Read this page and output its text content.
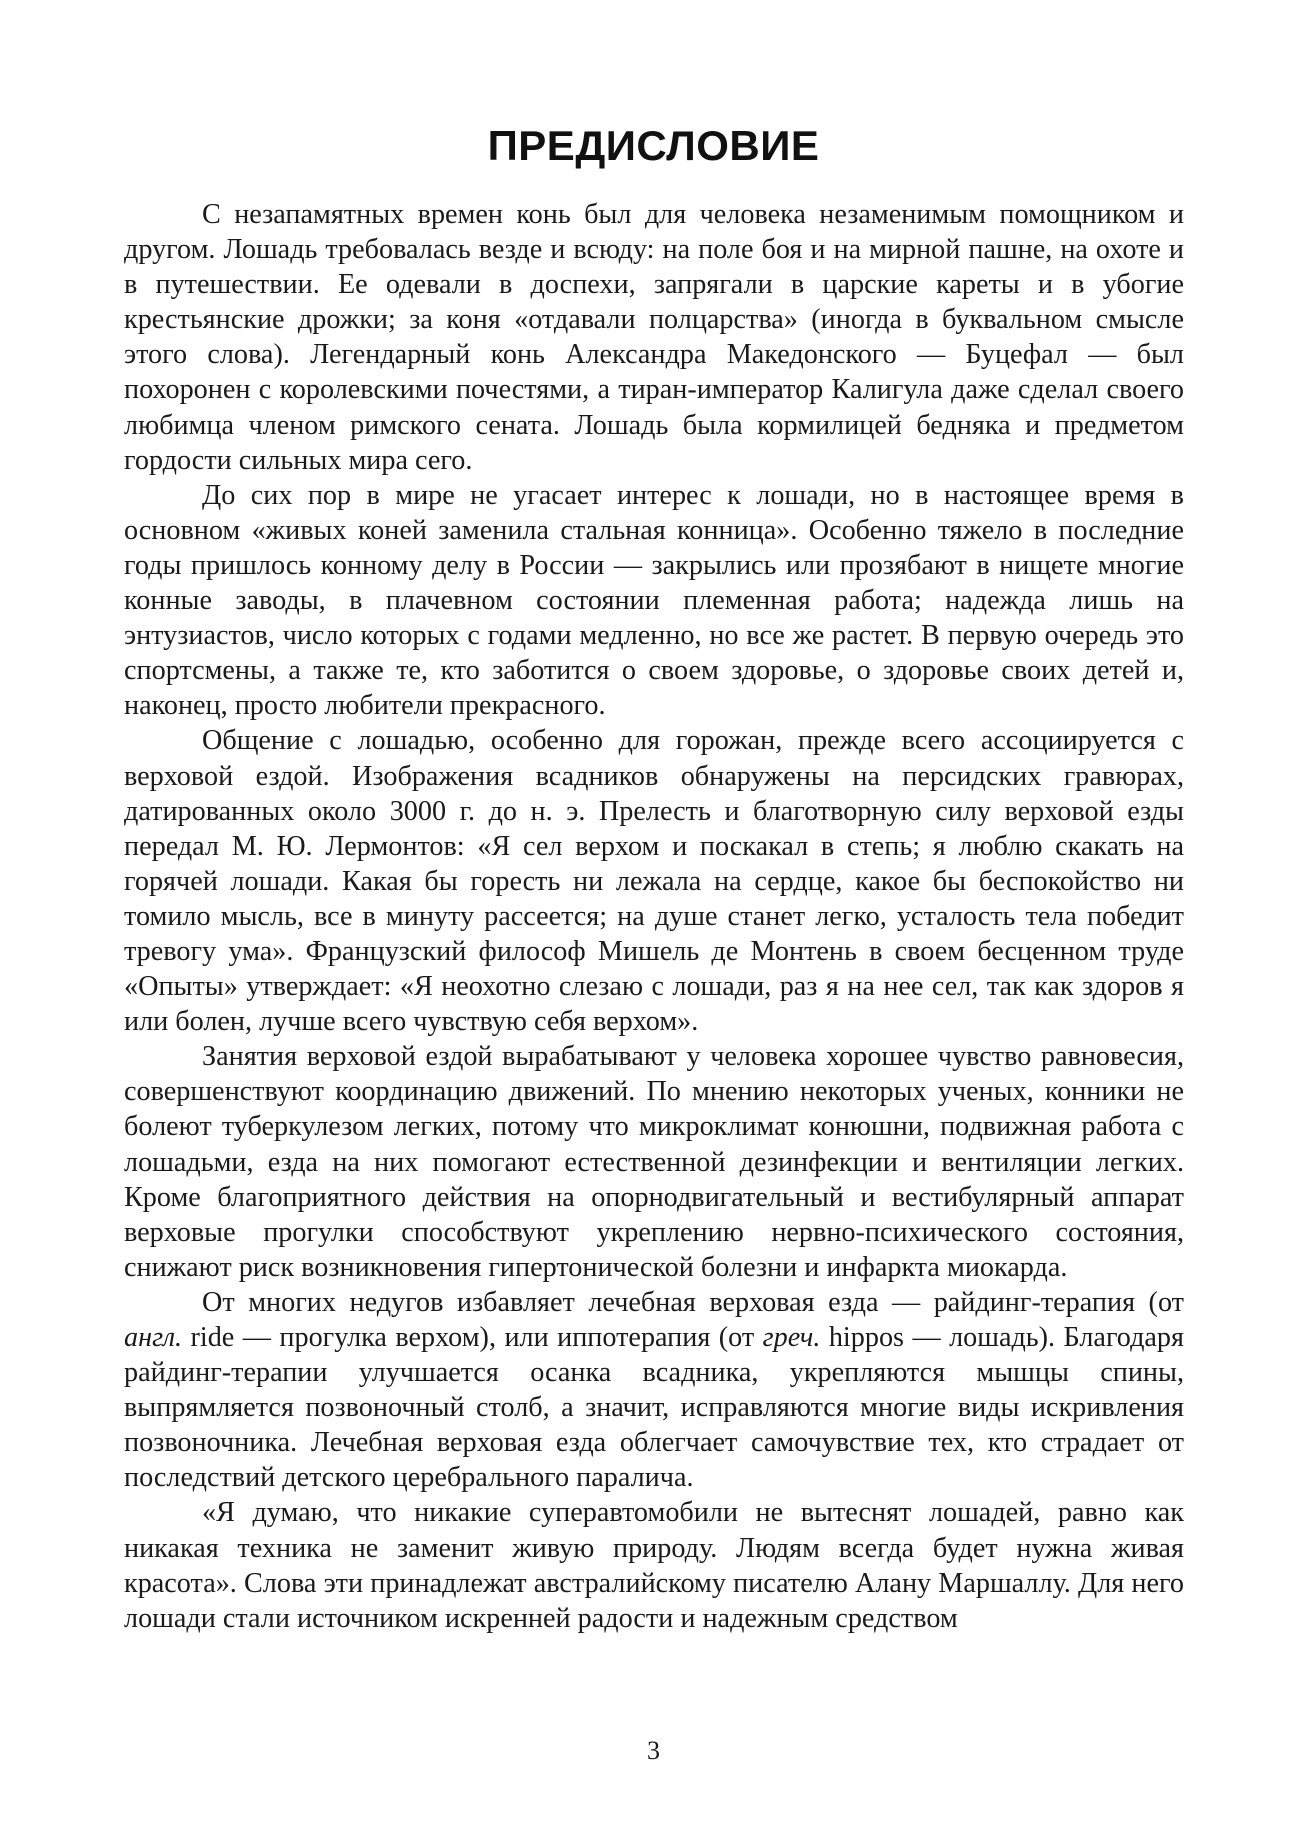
ПРЕДИСЛОВИЕ

С незапамятных времен конь был для человека незаменимым помощником и другом. Лошадь требовалась везде и всюду: на поле боя и на мирной пашне, на охоте и в путешествии. Ее одевали в доспехи, запрягали в царские кареты и в убогие крестьянские дрожки; за коня «отдавали полцарства» (иногда в буквальном смысле этого слова). Легендарный конь Александра Македонского — Буцефал — был похоронен с королевскими почестями, а тиран-император Калигула даже сделал своего любимца членом римского сената. Лошадь была кормилицей бедняка и предметом гордости сильных мира сего.

До сих пор в мире не угасает интерес к лошади, но в настоящее время в основном «живых коней заменила стальная конница». Особенно тяжело в последние годы пришлось конному делу в России — закрылись или прозябают в нищете многие конные заводы, в плачевном состоянии племенная работа; надежда лишь на энтузиастов, число которых с годами медленно, но все же растет. В первую очередь это спортсмены, а также те, кто заботится о своем здоровье, о здоровье своих детей и, наконец, просто любители прекрасного.

Общение с лошадью, особенно для горожан, прежде всего ассоциируется с верховой ездой. Изображения всадников обнаружены на персидских гравюрах, датированных около 3000 г. до н. э. Прелесть и благотворную силу верховой езды передал М. Ю. Лермонтов: «Я сел верхом и поскакал в степь; я люблю скакать на горячей лошади. Какая бы горесть ни лежала на сердце, какое бы беспокойство ни томило мысль, все в минуту рассеется; на душе станет легко, усталость тела победит тревогу ума». Французский философ Мишель де Монтень в своем бесценном труде «Опыты» утверждает: «Я неохотно слезаю с лошади, раз я на нее сел, так как здоров я или болен, лучше всего чувствую себя верхом».

Занятия верховой ездой вырабатывают у человека хорошее чувство равновесия, совершенствуют координацию движений. По мнению некоторых ученых, конники не болеют туберкулезом легких, потому что микроклимат конюшни, подвижная работа с лошадьми, езда на них помогают естественной дезинфекции и вентиляции легких. Кроме благоприятного действия на опорнодвигательный и вестибулярный аппарат верховые прогулки способствуют укреплению нервно-психического состояния, снижают риск возникновения гипертонической болезни и инфаркта миокарда.

От многих недугов избавляет лечебная верховая езда — райдинг-терапия (от англ. ride — прогулка верхом), или иппотерапия (от греч. hippos — лошадь). Благодаря райдинг-терапии улучшается осанка всадника, укрепляются мышцы спины, выпрямляется позвоночный столб, а значит, исправляются многие виды искривления позвоночника. Лечебная верховая езда облегчает самочувствие тех, кто страдает от последствий детского церебрального паралича.

«Я думаю, что никакие суперавтомобили не вытеснят лошадей, равно как никакая техника не заменит живую природу. Людям всегда будет нужна живая красота». Слова эти принадлежат австралийскому писателю Алану Маршаллу. Для него лошади стали источником искренней радости и надежным средством

3
